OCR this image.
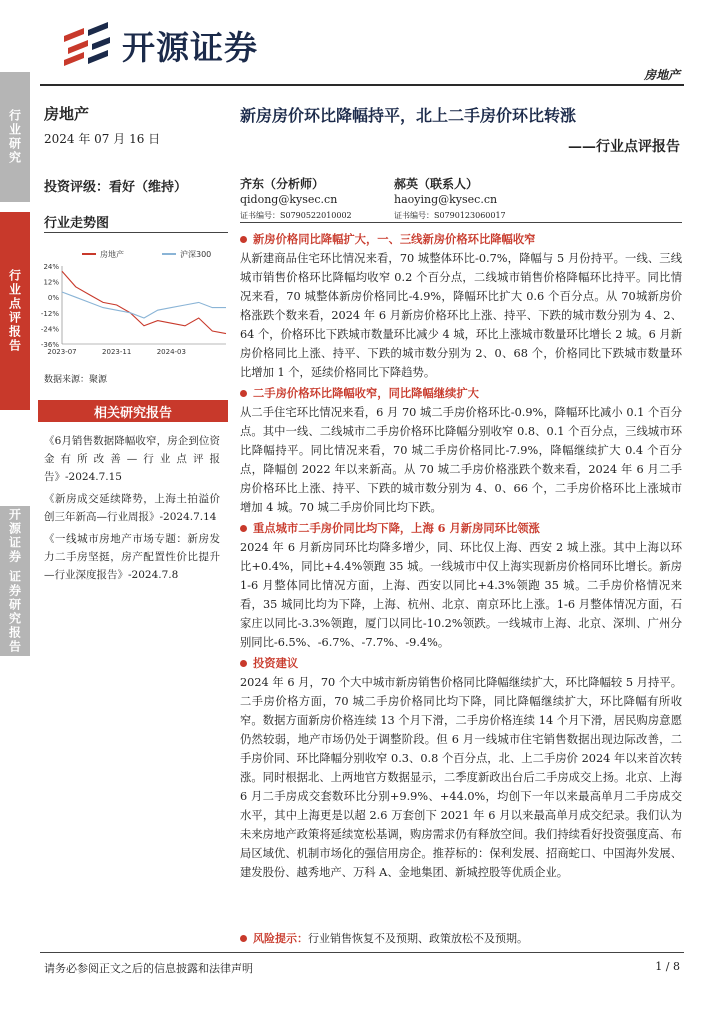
开源证券
房地产
行业研究
行业点评报告
开源证券 证券研究报告
房地产
2024 年 07 月 16 日
投资评级：看好（维持）
行业走势图
24%
12%
0%
-12%
-24%
-36%
2023-07	2023-11	2024-03
房地产	沪深300
数据来源：聚源
相关研究报告
《6月销售数据降幅收窄，房企到位资金有所改善—行业点评报告》-2024.7.15
《新房成交延续降势，上海土拍溢价创三年新高—行业周报》-2024.7.14
《一线城市房地产市场专题：新房发力二手房坚挺，房产配置性价比提升—行业深度报告》-2024.7.8
新房房价环比降幅持平，北上二手房价环比转涨
——行业点评报告
齐东（分析师）
qidong@kysec.cn
证书编号：S0790522010002
郝英（联系人）
haoying@kysec.cn
证书编号：S0790123060017
新房价格同比降幅扩大，一、三线新房价格环比降幅收窄

从新建商品住宅环比情况来看，70 城整体环比-0.7%，降幅与 5 月份持平。一线、三线城市销售价格环比降幅均收窄 0.2 个百分点，二线城市销售价格降幅环比持平。同比情况来看，70 城整体新房价格同比-4.9%，降幅环比扩大 0.6 个百分点。从 70城新房价格涨跌个数来看，2024 年 6 月新房价格环比上涨、持平、下跌的城市数分别为 4、2、64 个，价格环比下跌城市数量环比减少 4 城，环比上涨城市数量环比增长 2 城。6 月新房价格同比上涨、持平、下跌的城市数分别为 2、0、68 个，价格同比下跌城市数量环比增加 1 个，延续价格同比下降趋势。

二手房价格环比降幅收窄，同比降幅继续扩大

从二手住宅环比情况来看，6 月 70 城二手房价格环比-0.9%，降幅环比减小 0.1 个百分点。其中一线、二线城市二手房价格环比降幅分别收窄 0.8、0.1 个百分点，三线城市环比降幅持平。同比情况来看，70 城二手房价格同比-7.9%，降幅继续扩大 0.4 个百分点，降幅创 2022 年以来新高。从 70 城二手房价格涨跌个数来看，2024 年 6 月二手房价格环比上涨、持平、下跌的城市数分别为 4、0、66 个，二手房价格环比上涨城市增加 4 城。70 城二手房价同比均下跌。

重点城市二手房价同比均下降，上海 6 月新房同环比领涨

2024 年 6 月新房同环比均降多增少，同、环比仅上海、西安 2 城上涨。其中上海以环比+0.4%，同比+4.4%领跑 35 城。一线城市中仅上海实现新房价格同环比增长。新房 1-6 月整体同比情况方面，上海、西安以同比+4.3%领跑 35 城。二手房价格情况来看，35 城同比均为下降，上海、杭州、北京、南京环比上涨。1-6 月整体情况方面，石家庄以同比-3.3%领跑，厦门以同比-10.2%领跌。一线城市上海、北京、深圳、广州分别同比-6.5%、-6.7%、-7.7%、-9.4%。

投资建议

2024 年 6 月，70 个大中城市新房销售价格同比降幅继续扩大，环比降幅较 5 月持平。二手房价格方面，70 城二手房价格同比均下降，同比降幅继续扩大，环比降幅有所收窄。数据方面新房价格连续 13 个月下滑，二手房价格连续 14 个月下滑，居民购房意愿仍然较弱，地产市场仍处于调整阶段。但 6 月一线城市住宅销售数据出现边际改善，二手房价同、环比降幅分别收窄 0.3、0.8 个百分点，北、上二手房价 2024 年以来首次转涨。同时根据北、上两地官方数据显示，二季度新政出台后二手房成交上扬。北京、上海 6 月二手房成交套数环比分别+9.9%、+44.0%，均创下一年以来最高单月二手房成交水平，其中上海更是以超 2.6 万套创下 2021 年 6 月以来最高单月成交纪录。我们认为未来房地产政策将延续宽松基调，购房需求仍有释放空间。我们持续看好投资强度高、布局区域优、机制市场化的强信用房企。推荐标的：保利发展、招商蛇口、中国海外发展、建发股份、越秀地产、万科 A、金地集团、新城控股等优质企业。

风险提示： 行业销售恢复不及预期、政策放松不及预期。
请务必参阅正文之后的信息披露和法律声明	1 / 8
